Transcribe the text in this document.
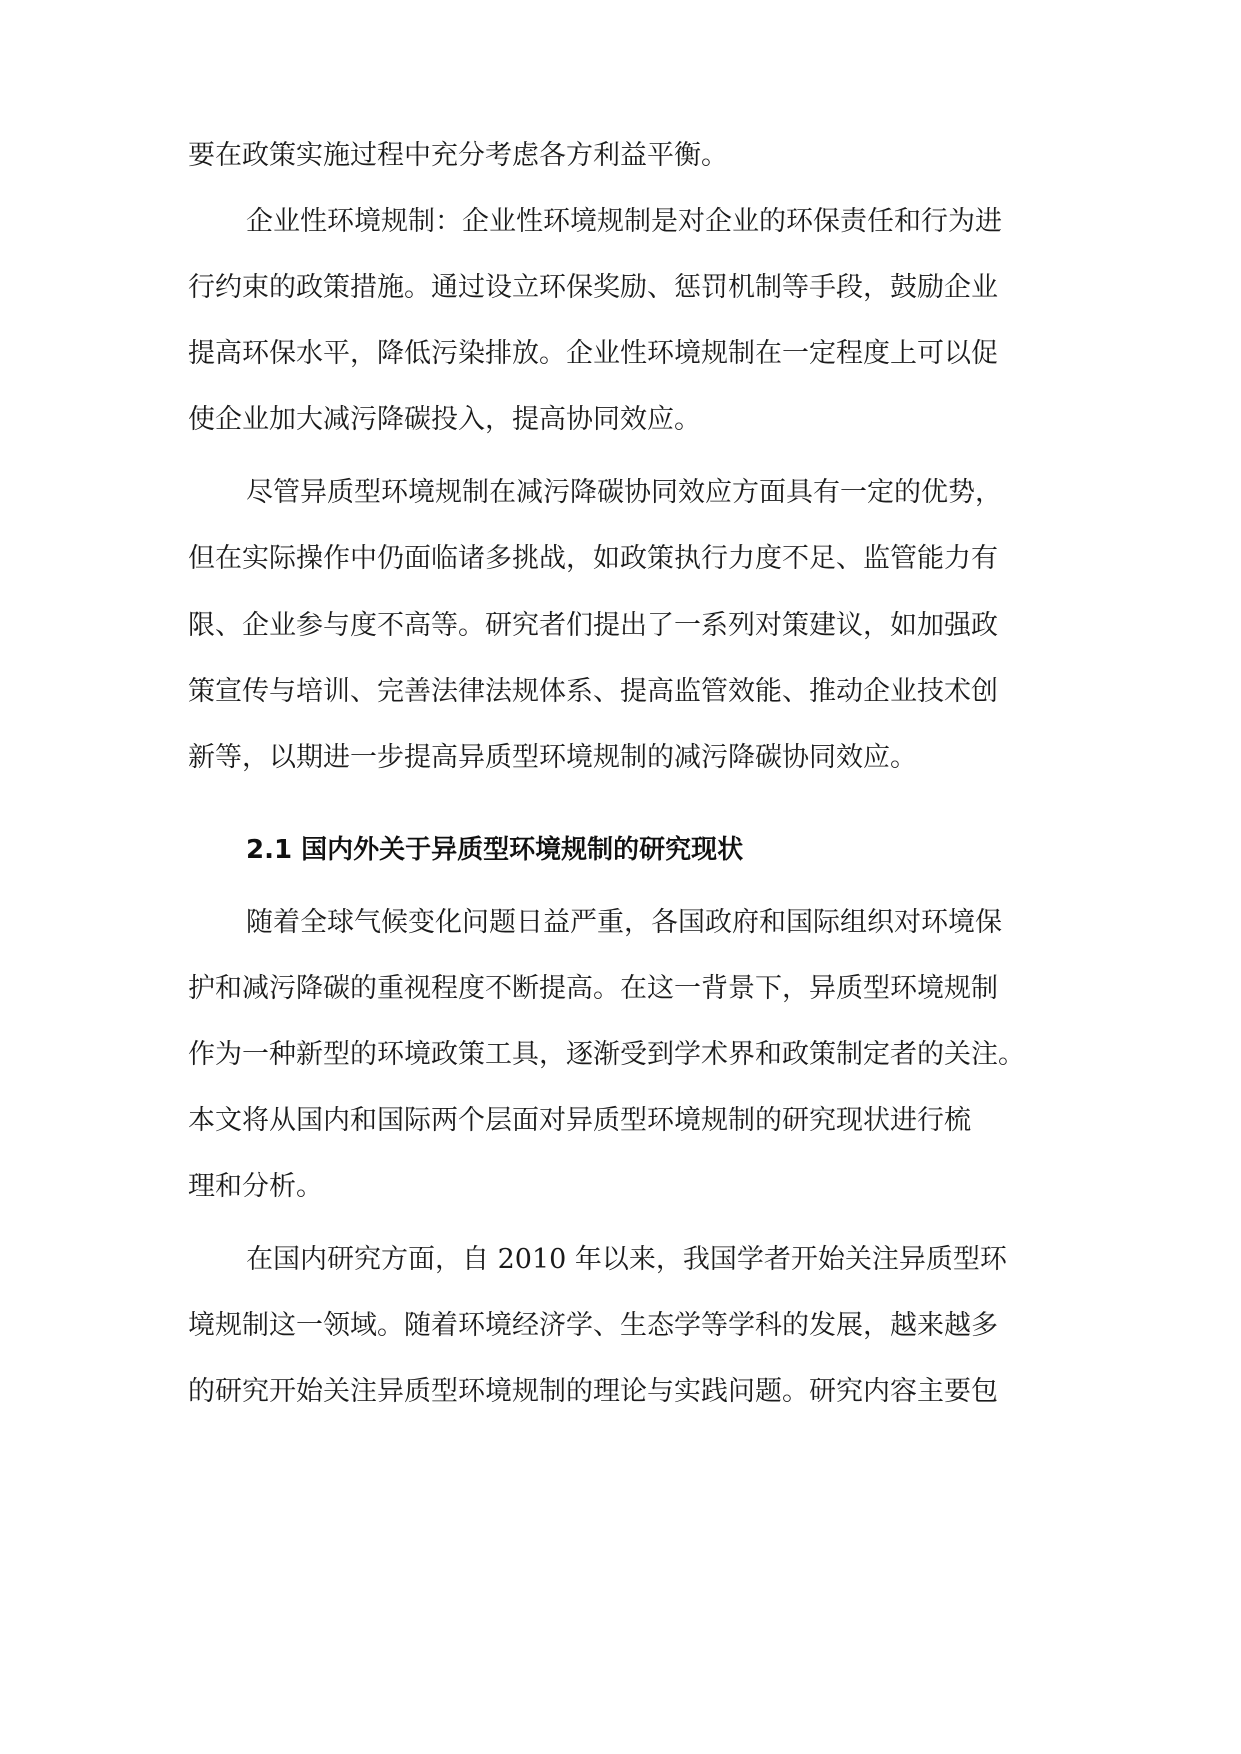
要在政策实施过程中充分考虑各方利益平衡。
企业性环境规制：企业性环境规制是对企业的环保责任和行为进
行约束的政策措施。通过设立环保奖励、惩罚机制等手段，鼓励企业
提高环保水平，降低污染排放。企业性环境规制在一定程度上可以促
使企业加大减污降碳投入，提高协同效应。
尽管异质型环境规制在减污降碳协同效应方面具有一定的优势，
但在实际操作中仍面临诸多挑战，如政策执行力度不足、监管能力有
限、企业参与度不高等。研究者们提出了一系列对策建议，如加强政
策宣传与培训、完善法律法规体系、提高监管效能、推动企业技术创
新等，以期进一步提高异质型环境规制的减污降碳协同效应。
2.1 国内外关于异质型环境规制的研究现状
随着全球气候变化问题日益严重，各国政府和国际组织对环境保
护和减污降碳的重视程度不断提高。在这一背景下，异质型环境规制
作为一种新型的环境政策工具，逐渐受到学术界和政策制定者的关注。
本文将从国内和国际两个层面对异质型环境规制的研究现状进行梳
理和分析。
在国内研究方面，自 2010 年以来，我国学者开始关注异质型环
境规制这一领域。随着环境经济学、生态学等学科的发展，越来越多
的研究开始关注异质型环境规制的理论与实践问题。研究内容主要包
